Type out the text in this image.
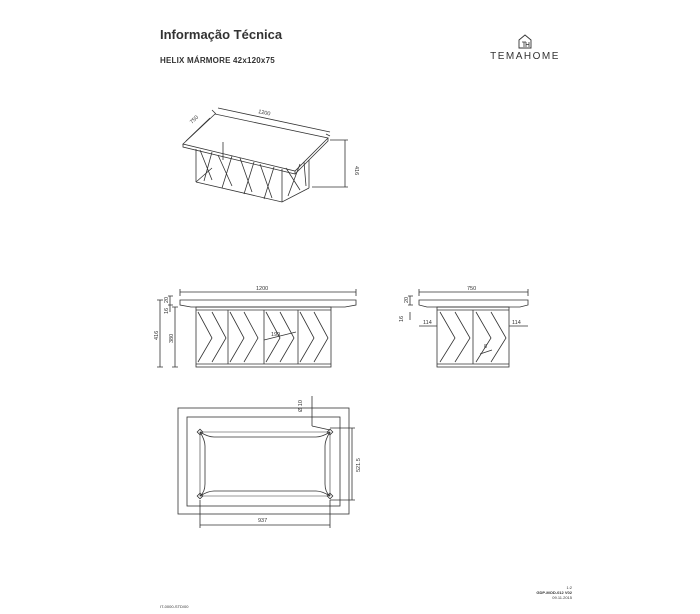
Informação Técnica
HELIX MÁRMORE 42x120x75	TEMAHOME
1200
750
416
1200
20
16
416 380	199
750
20
16
114	114
8
Ø 10
521.5
937
1:2
GDP-MOD-012 V02
09.11.2015
IT-0000-STD/00
